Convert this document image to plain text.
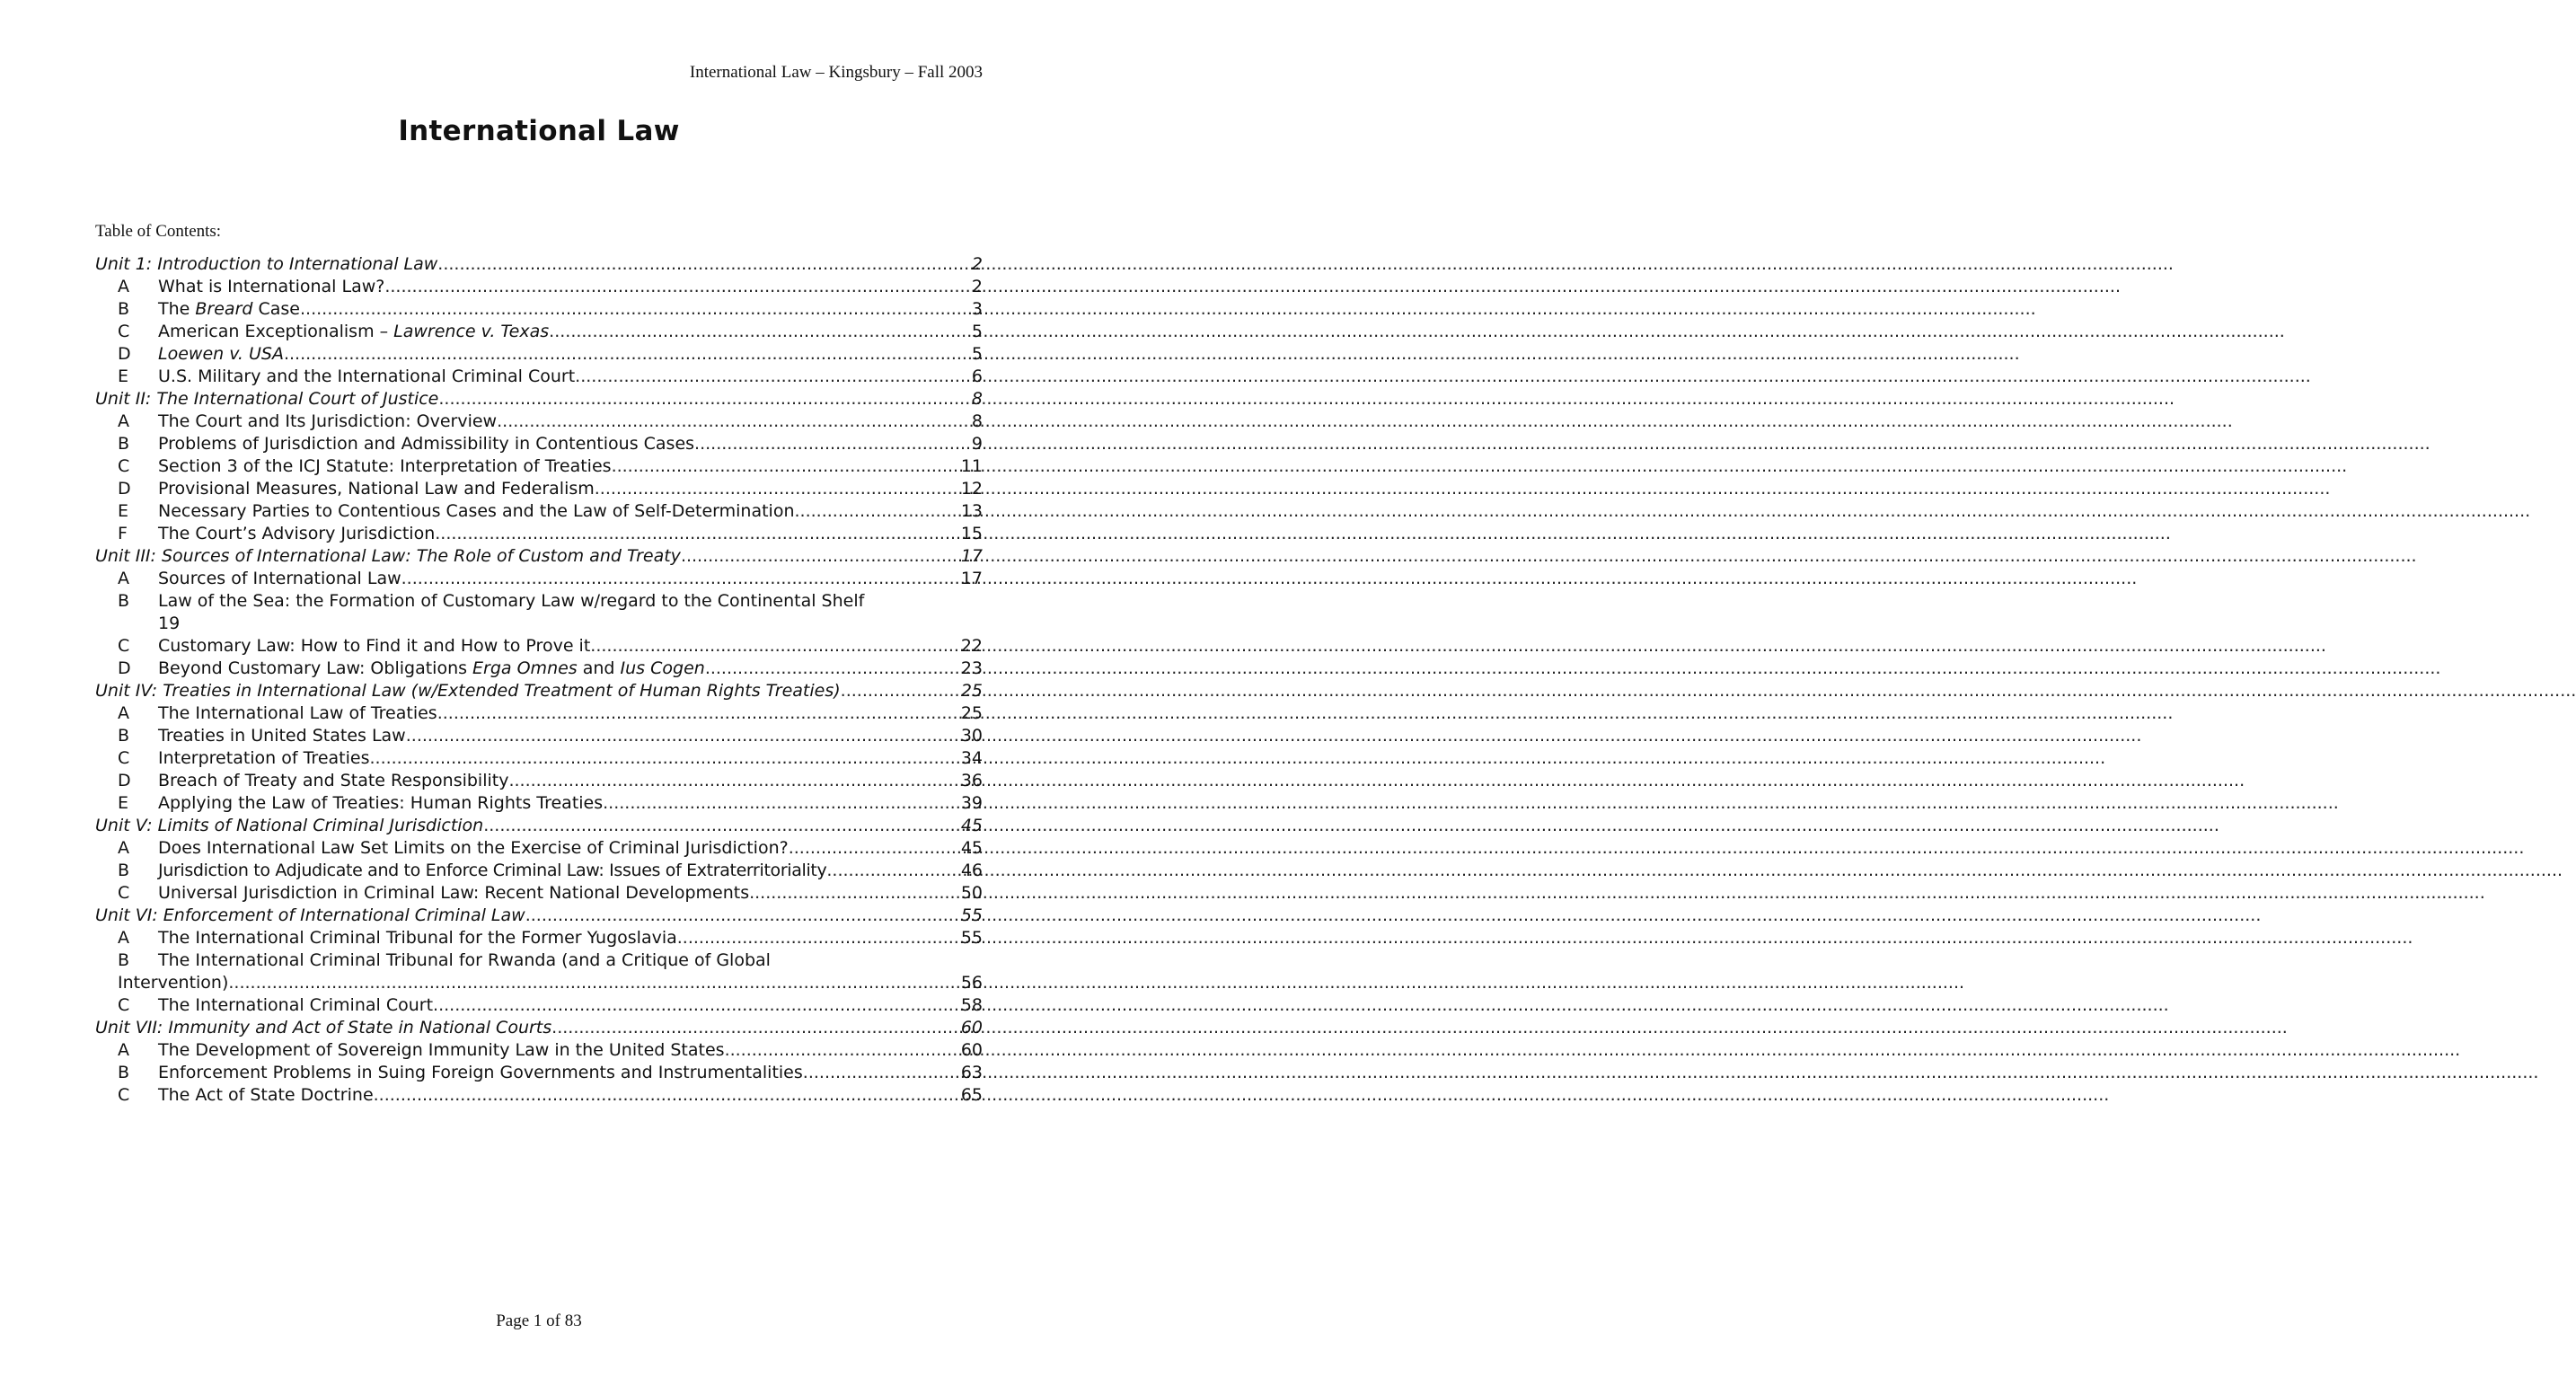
International Law – Kingsbury – Fall 2003
International Law
Table of Contents:
Unit 1: Introduction to International Law .....	2
A	What is International Law? .....	2
B	The Breard Case .....	3
C	American Exceptionalism – Lawrence v. Texas .....	5
D	Loewen v. USA .....	5
E	U.S. Military and the International Criminal Court .....	6
Unit II: The International Court of Justice .....	8
A	The Court and Its Jurisdiction: Overview .....	8
B	Problems of Jurisdiction and Admissibility in Contentious Cases .....	9
C	Section 3 of the ICJ Statute: Interpretation of Treaties .....	11
D	Provisional Measures, National Law and Federalism .....	12
E	Necessary Parties to Contentious Cases and the Law of Self-Determination .....	13
F	The Court’s Advisory Jurisdiction .....	15
Unit III: Sources of International Law: The Role of Custom and Treaty .....	17
A	Sources of International Law .....	17
B	Law of the Sea: the Formation of Customary Law w/regard to the Continental Shelf
19
C	Customary Law: How to Find it and How to Prove it .....	22
D	Beyond Customary Law: Obligations Erga Omnes and Ius Cogen .....	23
Unit IV: Treaties in International Law (w/Extended Treatment of Human Rights Treaties) .....	25
A	The International Law of Treaties .....	25
B	Treaties in United States Law .....	30
C	Interpretation of Treaties .....	34
D	Breach of Treaty and State Responsibility .....	36
E	Applying the Law of Treaties: Human Rights Treaties .....	39
Unit V: Limits of National Criminal Jurisdiction .....	45
A	Does International Law Set Limits on the Exercise of Criminal Jurisdiction? .....	45
B	Jurisdiction to Adjudicate and to Enforce Criminal Law: Issues of Extraterritoriality .....	46
C	Universal Jurisdiction in Criminal Law: Recent National Developments .....	50
Unit VI: Enforcement of International Criminal Law .....	55
A	The International Criminal Tribunal for the Former Yugoslavia .....	55
B	The International Criminal Tribunal for Rwanda (and a Critique of Global
Intervention) .....	56
C	The International Criminal Court .....	58
Unit VII: Immunity and Act of State in National Courts .....	60
A	The Development of Sovereign Immunity Law in the United States .....	60
B	Enforcement Problems in Suing Foreign Governments and Instrumentalities .....	63
C	The Act of State Doctrine .....	65
Page 1 of 83
